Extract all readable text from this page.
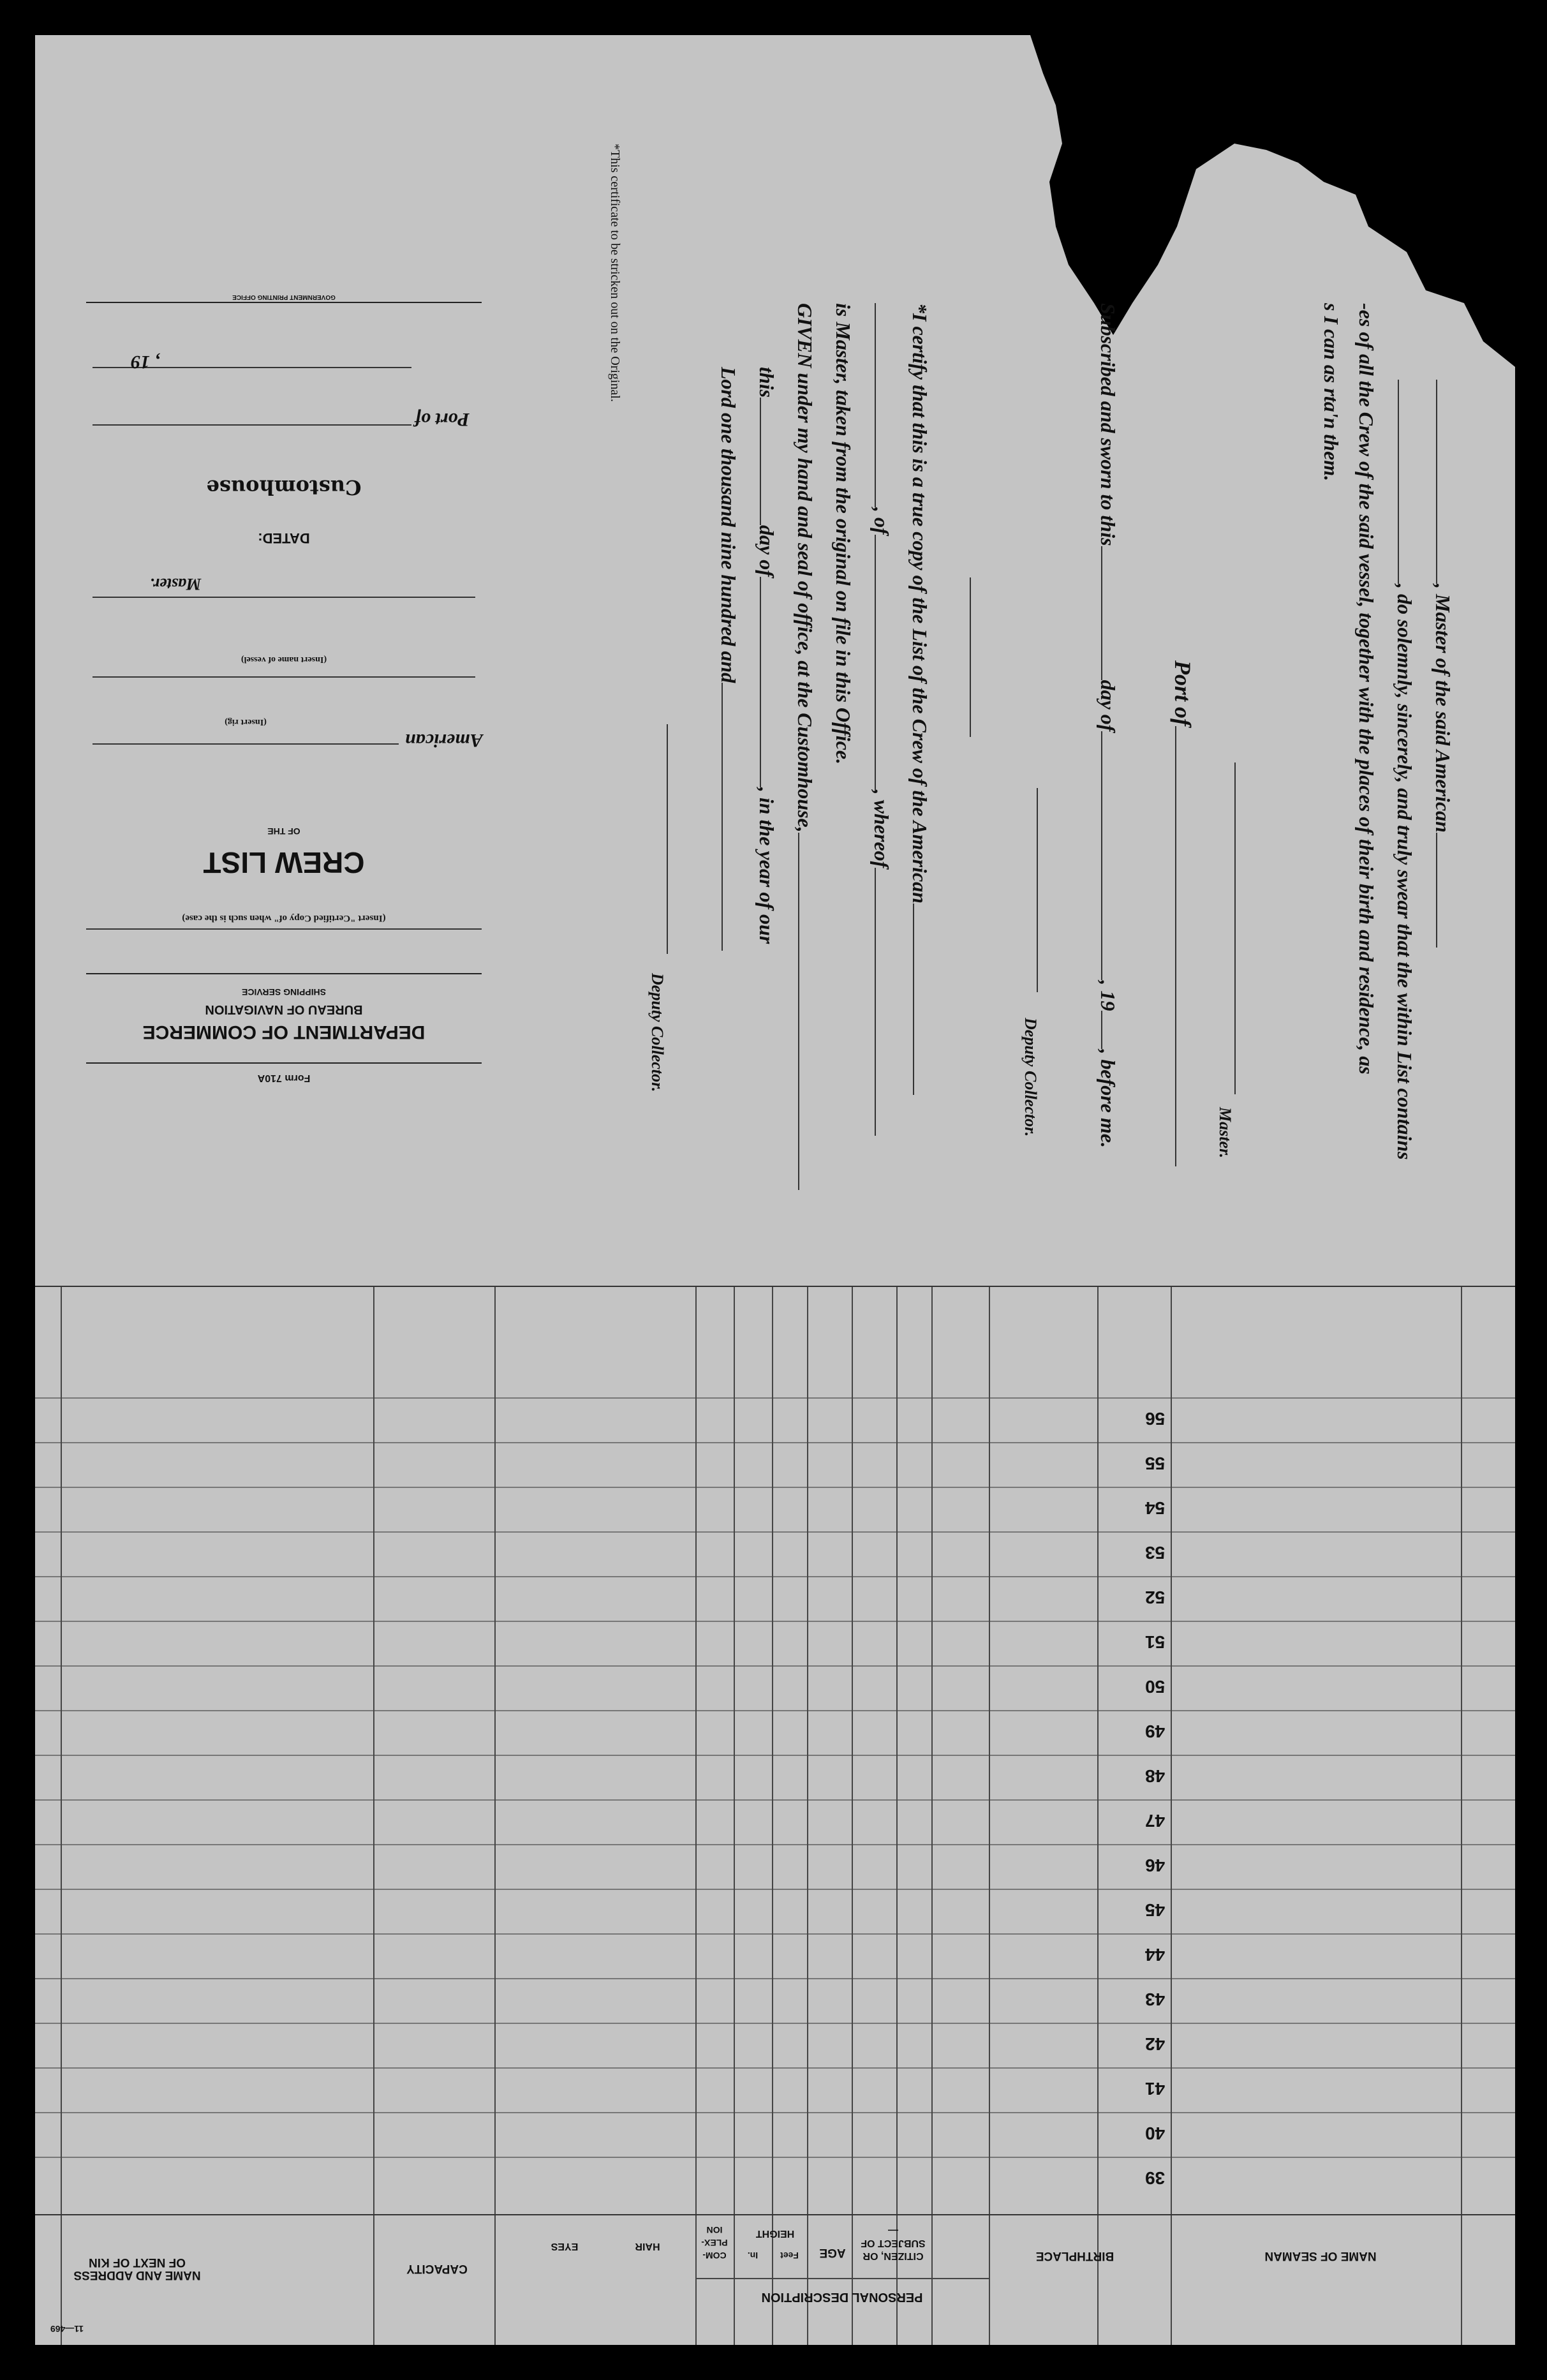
, Master of the said American
, do solemnly, sincerely, and truly swear that the within List contains
-es of all the Crew of the said vessel, together with the places of their birth and residence, as
s I can as rta'n them.
Master.
Port of
Subscribed and sworn to thisday of, 19, before me.
Deputy Collector.
*I certify that this is a true copy of the List of the Crew of the American
, of, whereof
is Master, taken from the original on file in this Office.
GIVEN under my hand and seal of office, at the Customhouse,
thisday of, in the year of our
Lord one thousand nine hundred and
Deputy Collector.
*This certificate to be stricken out on the Original.
Form 710A
DEPARTMENT OF COMMERCE
BUREAU OF NAVIGATION
SHIPPING SERVICE
(Insert "Certified Copy of" when such is the case)
CREW LIST
OF THE
American
(Insert rig)
(Insert name of vessel)
Master.
DATED:
Customhouse
Port of
, 19
GOVERNMENT PRINTING OFFICE
39
40
41
42
43
44
45
46
47
48
49
50
51
52
53
54
55
56
NAME OF SEAMAN
BIRTHPLACE
CITIZEN, OR SUBJECT OF—
AGE
PERSONAL DESCRIPTION
HEIGHT
Feet
In.
COM-PLEX-ION
HAIR
EYES
CAPACITY
NAME AND ADDRESS OF NEXT OF KIN
11—469
